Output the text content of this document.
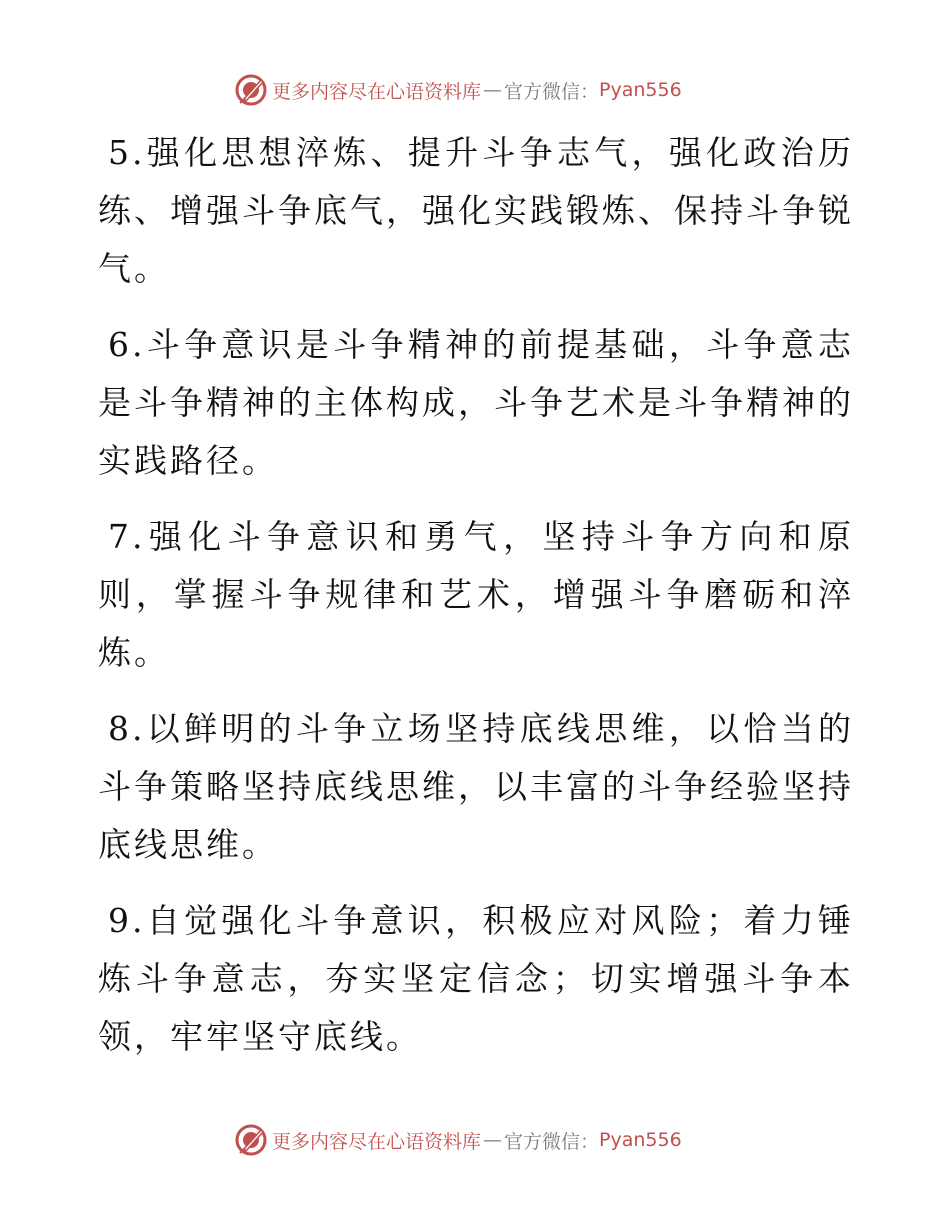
更多内容尽在心语资料库 — 官方微信： Pyan556

5.强化思想淬炼、提升斗争志气，强化政治历练、增强斗争底气，强化实践锻炼、保持斗争锐气。

6.斗争意识是斗争精神的前提基础，斗争意志是斗争精神的主体构成，斗争艺术是斗争精神的实践路径。

7.强化斗争意识和勇气，坚持斗争方向和原则，掌握斗争规律和艺术，增强斗争磨砺和淬炼。

8.以鲜明的斗争立场坚持底线思维，以恰当的斗争策略坚持底线思维，以丰富的斗争经验坚持底线思维。

9.自觉强化斗争意识，积极应对风险；着力锤炼斗争意志，夯实坚定信念；切实增强斗争本领，牢牢坚守底线。

更多内容尽在心语资料库 — 官方微信： Pyan556
